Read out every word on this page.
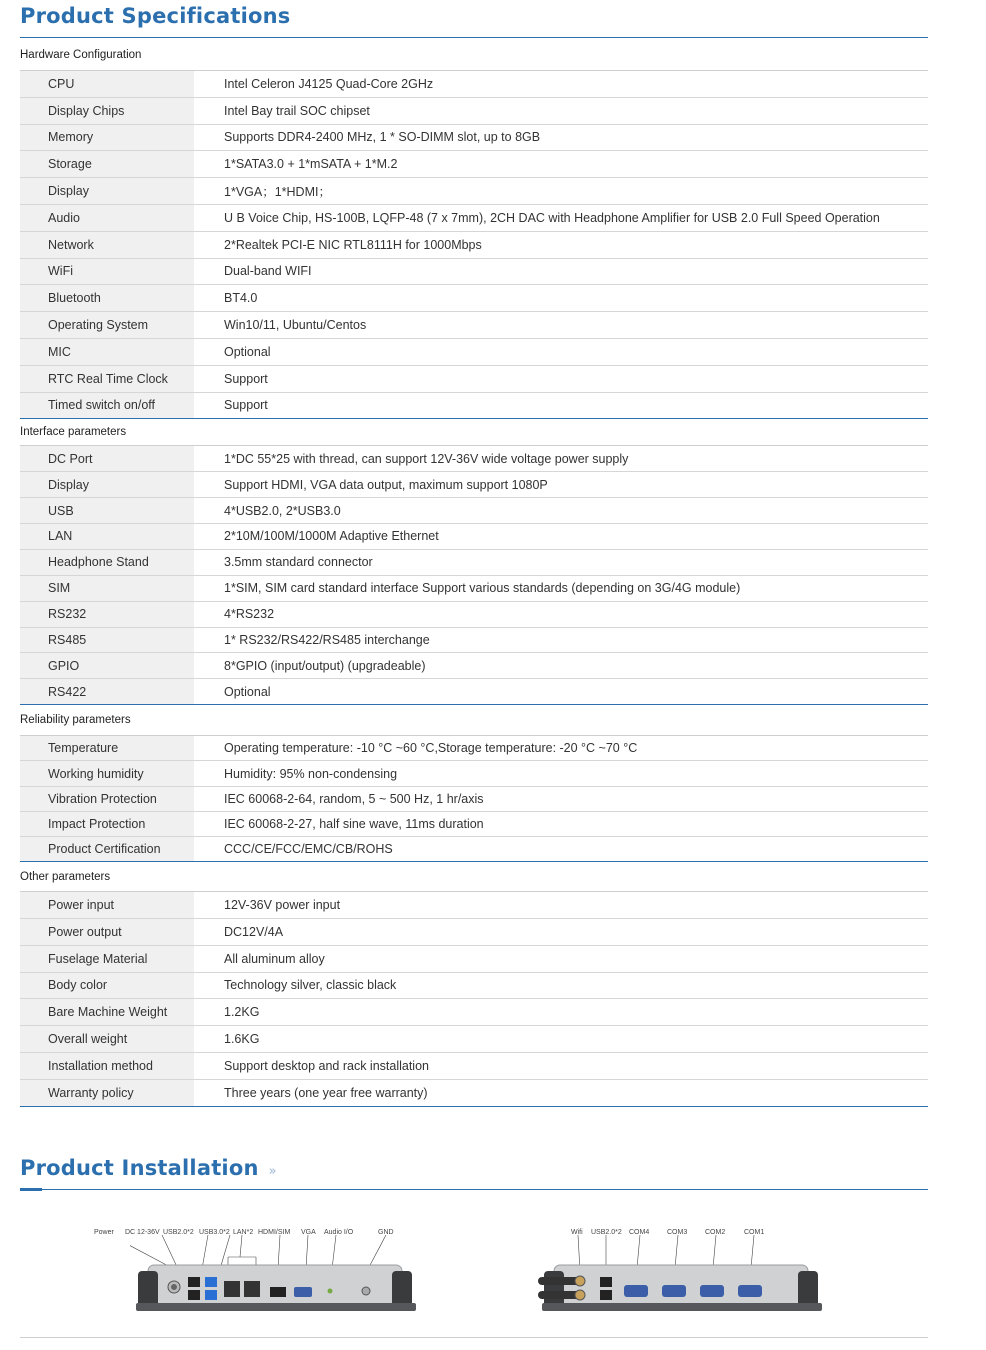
Product Specifications
Hardware Configuration
CPU	Intel Celeron J4125 Quad-Core 2GHz
Display Chips	Intel Bay trail SOC chipset
Memory	Supports DDR4-2400 MHz, 1 * SO-DIMM slot, up to 8GB
Storage	1*SATA3.0 + 1*mSATA + 1*M.2
Display	1*VGA；1*HDMI；
Audio	U B Voice Chip, HS-100B, LQFP-48 (7 x 7mm), 2CH DAC with Headphone Amplifier for USB 2.0 Full Speed Operation
Network	2*Realtek PCI-E NIC RTL8111H for 1000Mbps
WiFi	Dual-band WIFI
Bluetooth	BT4.0
Operating System	Win10/11, Ubuntu/Centos
MIC	Optional
RTC Real Time Clock	Support
Timed switch on/off	Support
Interface parameters
DC Port	1*DC 55*25 with thread, can support 12V-36V wide voltage power supply
Display	Support HDMI, VGA data output, maximum support 1080P
USB	4*USB2.0, 2*USB3.0
LAN	2*10M/100M/1000M Adaptive Ethernet
Headphone Stand	3.5mm standard connector
SIM	1*SIM, SIM card standard interface Support various standards (depending on 3G/4G module)
RS232	4*RS232
RS485	1* RS232/RS422/RS485 interchange
GPIO	8*GPIO (input/output) (upgradeable)
RS422	Optional
Reliability parameters
Temperature	Operating temperature: -10 °C ~60 °C,Storage temperature: -20 °C ~70 °C
Working humidity	Humidity: 95% non-condensing
Vibration Protection	IEC 60068-2-64, random, 5 ~ 500 Hz, 1 hr/axis
Impact Protection	IEC 60068-2-27, half sine wave, 11ms duration
Product Certification	CCC/CE/FCC/EMC/CB/ROHS
Other parameters
Power input	12V-36V power input
Power output	DC12V/4A
Fuselage Material	All aluminum alloy
Body color	Technology silver, classic black
Bare Machine Weight	1.2KG
Overall weight	1.6KG
Installation method	Support desktop and rack installation
Warranty policy	Three years (one year free warranty)
Product Installation »
Power DC 12-36V USB2.0*2 USB3.0*2 LAN*2 HDMI/SIM VGA Audio I/O	GND	Wifi USB2.0*2 COM4	COM3	COM2	COM1
